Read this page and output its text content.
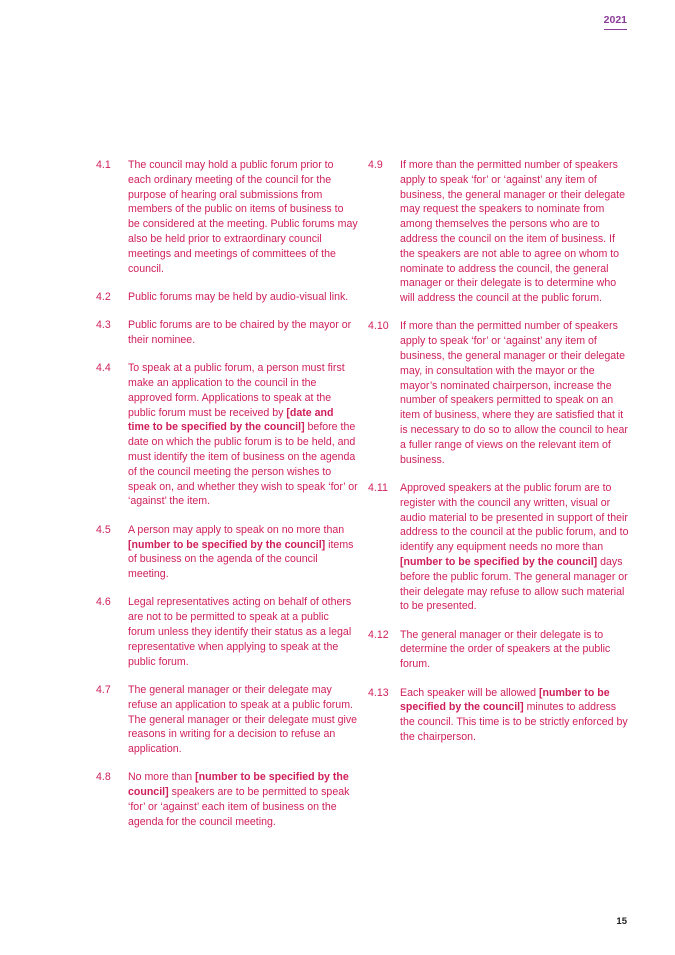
2021
4.1	The council may hold a public forum prior to each ordinary meeting of the council for the purpose of hearing oral submissions from members of the public on items of business to be considered at the meeting. Public forums may also be held prior to extraordinary council meetings and meetings of committees of the council.
4.2	Public forums may be held by audio-visual link.
4.3	Public forums are to be chaired by the mayor or their nominee.
4.4	To speak at a public forum, a person must first make an application to the council in the approved form. Applications to speak at the public forum must be received by [date and time to be specified by the council] before the date on which the public forum is to be held, and must identify the item of business on the agenda of the council meeting the person wishes to speak on, and whether they wish to speak ‘for’ or ‘against’ the item.
4.5	A person may apply to speak on no more than [number to be specified by the council] items of business on the agenda of the council meeting.
4.6	Legal representatives acting on behalf of others are not to be permitted to speak at a public forum unless they identify their status as a legal representative when applying to speak at the public forum.
4.7	The general manager or their delegate may refuse an application to speak at a public forum. The general manager or their delegate must give reasons in writing for a decision to refuse an application.
4.8	No more than [number to be specified by the council] speakers are to be permitted to speak ‘for’ or ‘against’ each item of business on the agenda for the council meeting.
4.9	If more than the permitted number of speakers apply to speak ‘for’ or ‘against’ any item of business, the general manager or their delegate may request the speakers to nominate from among themselves the persons who are to address the council on the item of business. If the speakers are not able to agree on whom to nominate to address the council, the general manager or their delegate is to determine who will address the council at the public forum.
4.10	If more than the permitted number of speakers apply to speak ‘for’ or ‘against’ any item of business, the general manager or their delegate may, in consultation with the mayor or the mayor’s nominated chairperson, increase the number of speakers permitted to speak on an item of business, where they are satisfied that it is necessary to do so to allow the council to hear a fuller range of views on the relevant item of business.
4.11	Approved speakers at the public forum are to register with the council any written, visual or audio material to be presented in support of their address to the council at the public forum, and to identify any equipment needs no more than [number to be specified by the council] days before the public forum. The general manager or their delegate may refuse to allow such material to be presented.
4.12	The general manager or their delegate is to determine the order of speakers at the public forum.
4.13	Each speaker will be allowed [number to be specified by the council] minutes to address the council. This time is to be strictly enforced by the chairperson.
15
